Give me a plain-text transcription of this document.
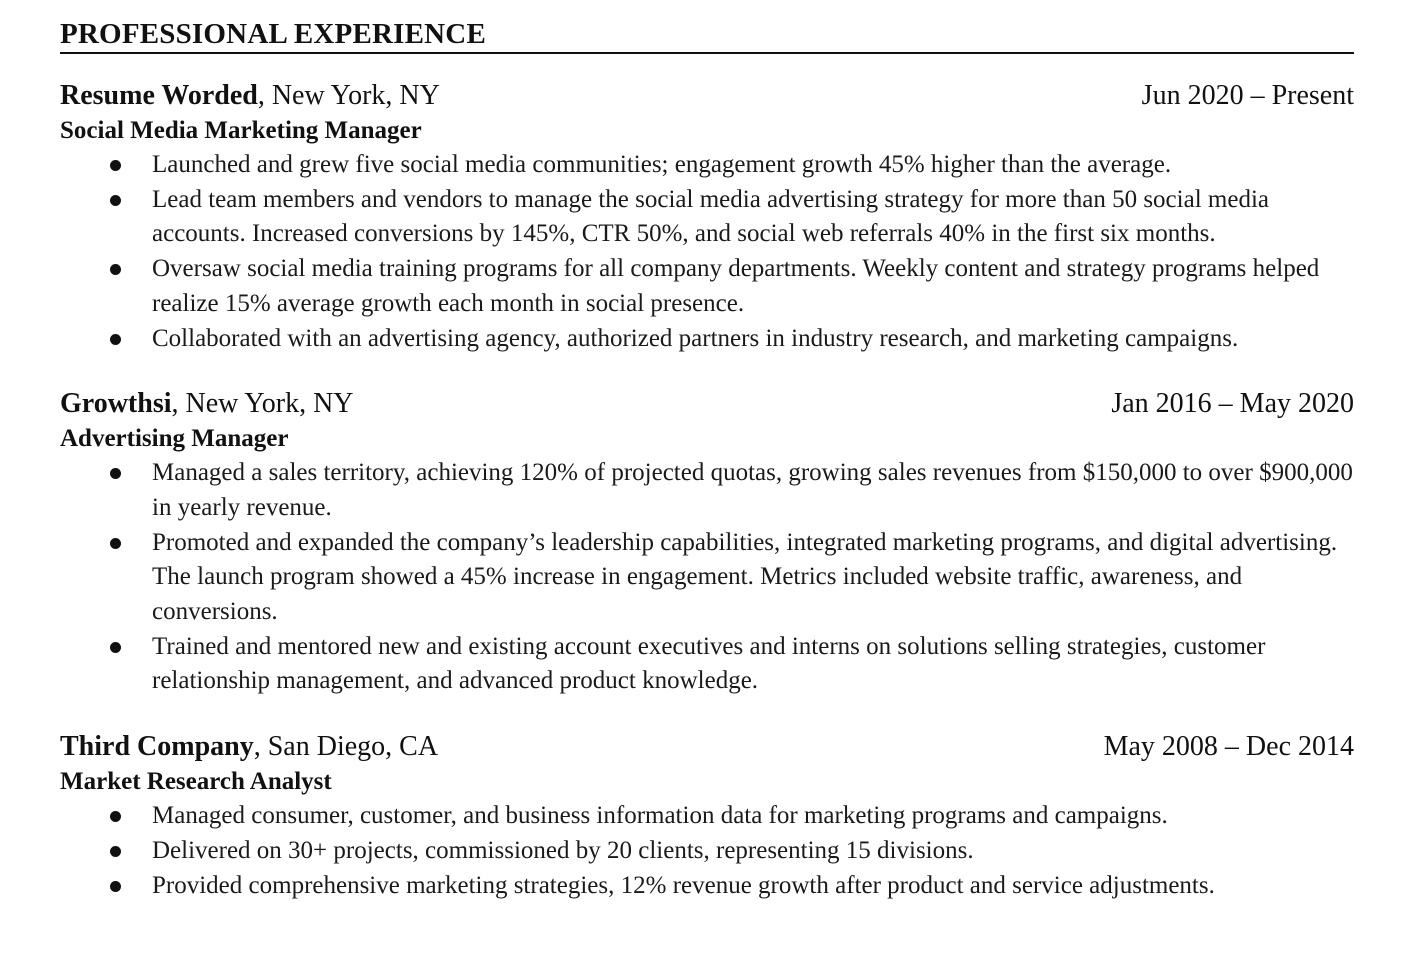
PROFESSIONAL EXPERIENCE
Resume Worded, New York, NY	Jun 2020 – Present
Social Media Marketing Manager
Launched and grew five social media communities; engagement growth 45% higher than the average.
Lead team members and vendors to manage the social media advertising strategy for more than 50 social media accounts. Increased conversions by 145%, CTR 50%, and social web referrals 40% in the first six months.
Oversaw social media training programs for all company departments. Weekly content and strategy programs helped realize 15% average growth each month in social presence.
Collaborated with an advertising agency, authorized partners in industry research, and marketing campaigns.
Growthsi, New York, NY	Jan 2016 – May 2020
Advertising Manager
Managed a sales territory, achieving 120% of projected quotas, growing sales revenues from $150,000 to over $900,000 in yearly revenue.
Promoted and expanded the company’s leadership capabilities, integrated marketing programs, and digital advertising. The launch program showed a 45% increase in engagement. Metrics included website traffic, awareness, and conversions.
Trained and mentored new and existing account executives and interns on solutions selling strategies, customer relationship management, and advanced product knowledge.
Third Company, San Diego, CA	May 2008 – Dec 2014
Market Research Analyst
Managed consumer, customer, and business information data for marketing programs and campaigns.
Delivered on 30+ projects, commissioned by 20 clients, representing 15 divisions.
Provided comprehensive marketing strategies, 12% revenue growth after product and service adjustments.
